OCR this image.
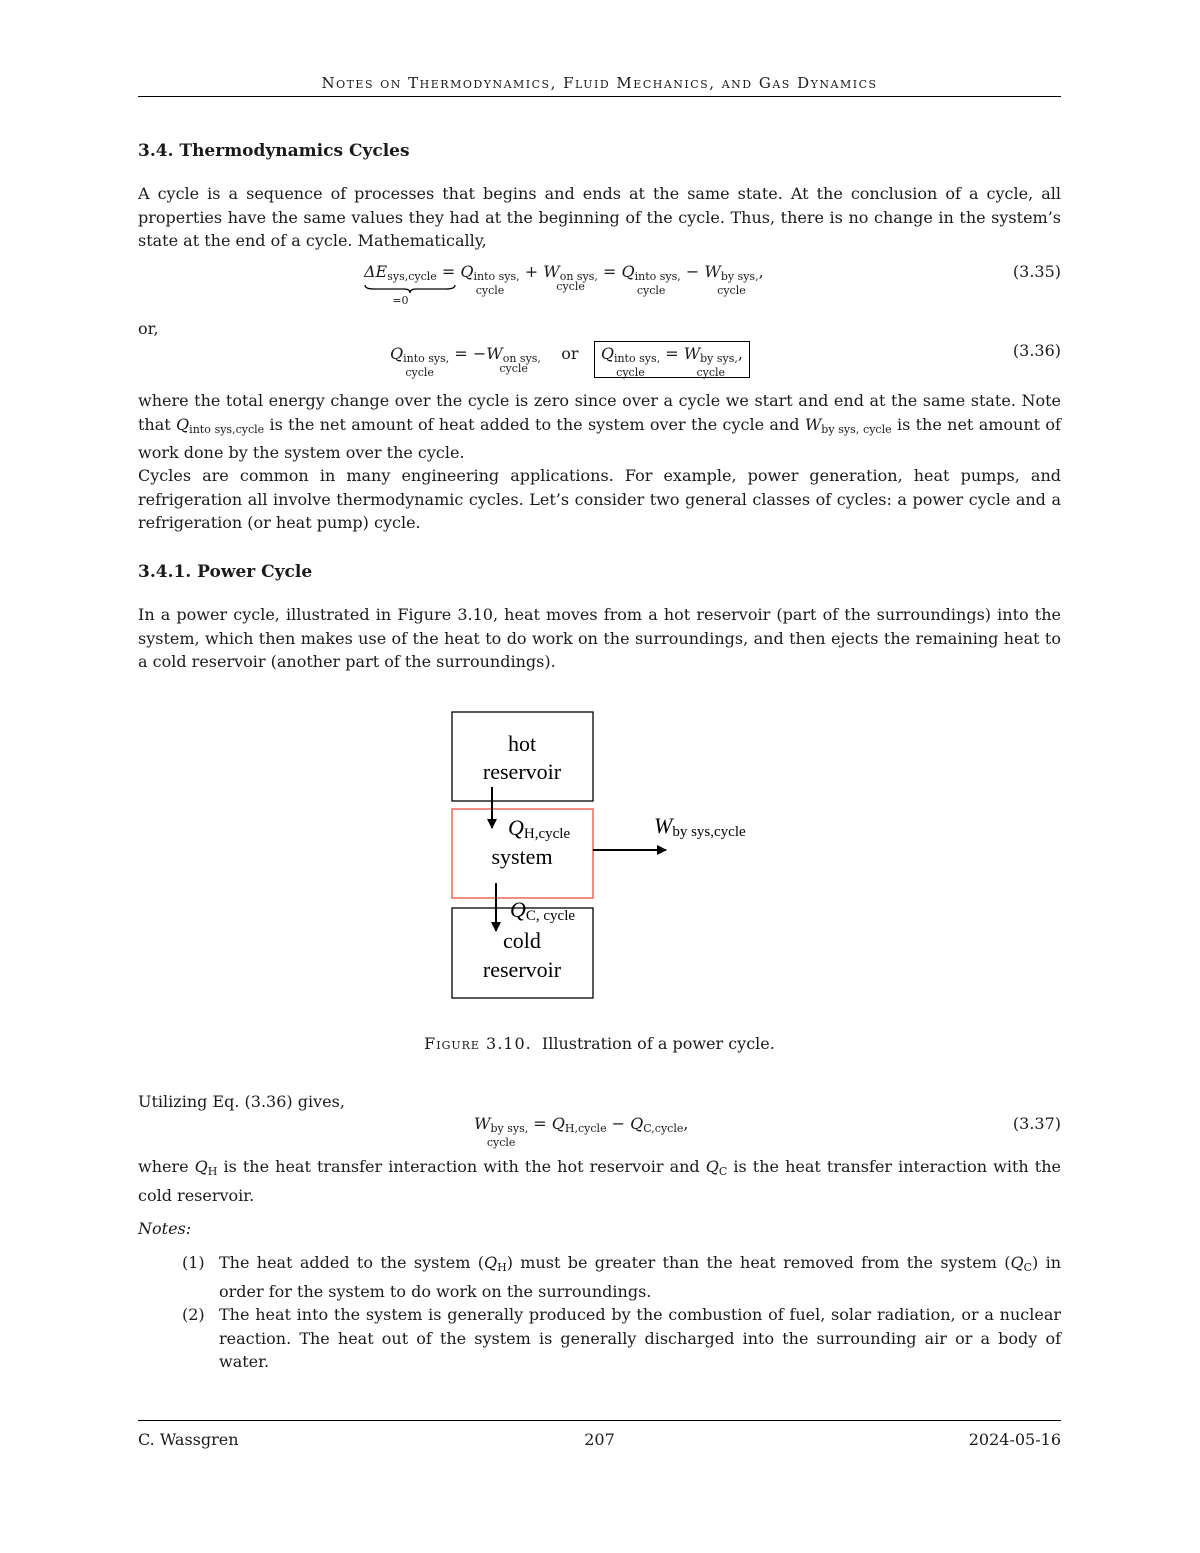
Notes on Thermodynamics, Fluid Mechanics, and Gas Dynamics
3.4. Thermodynamics Cycles

A cycle is a sequence of processes that begins and ends at the same state. At the conclusion of a cycle, all properties have the same values they had at the beginning of the cycle. Thus, there is no change in the system’s state at the end of a cycle. Mathematically,

$\Delta E_{sys,cycle}$
=0
= $Q_{into sys,}$
cycle
+ $W_{on sys,}$
cycle
= $Q_{into sys,}$
cycle
− $W_{by sys,}$
cycle
,	(3.35)

or,

$Q_{into sys,}$
cycle
= $-W_{on sys,}$
cycle
or $Q_{into sys,}$
cycle
= $W_{by sys,}$
cycle
,	(3.36)

where the total energy change over the cycle is zero since over a cycle we start and end at the same state. Note that $Q_{into sys,cycle}$ is the net amount of heat added to the system over the cycle and $W_{by sys, cycle}$ is the net amount of work done by the system over the cycle.

Cycles are common in many engineering applications. For example, power generation, heat pumps, and refrigeration all involve thermodynamic cycles. Let’s consider two general classes of cycles: a power cycle and a refrigeration (or heat pump) cycle.

3.4.1. Power Cycle

In a power cycle, illustrated in Figure 3.10, heat moves from a hot reservoir (part of the surroundings) into the system, which then makes use of the heat to do work on the surroundings, and then ejects the remaining heat to a cold reservoir (another part of the surroundings).

hot
reservoir
system
cold
reservoir
QH,cycle
QC, cycle
Wby sys,cycle
Figure 3.10. Illustration of a power cycle.

Utilizing Eq. (3.36) gives,

$W_{by sys,}$
cycle
= $Q_{H,cycle} - Q_{C,cycle}$,	(3.37)

where $Q_H$ is the heat transfer interaction with the hot reservoir and $Q_C$ is the heat transfer interaction with the cold reservoir.

Notes:

(1) The heat added to the system $(Q_H)$ must be greater than the heat removed from the system $(Q_C)$ in order for the system to do work on the surroundings.
(2) The heat into the system is generally produced by the combustion of fuel, solar radiation, or a nuclear reaction. The heat out of the system is generally discharged into the surrounding air or a body of water.
C. Wassgren	207	2024-05-16
